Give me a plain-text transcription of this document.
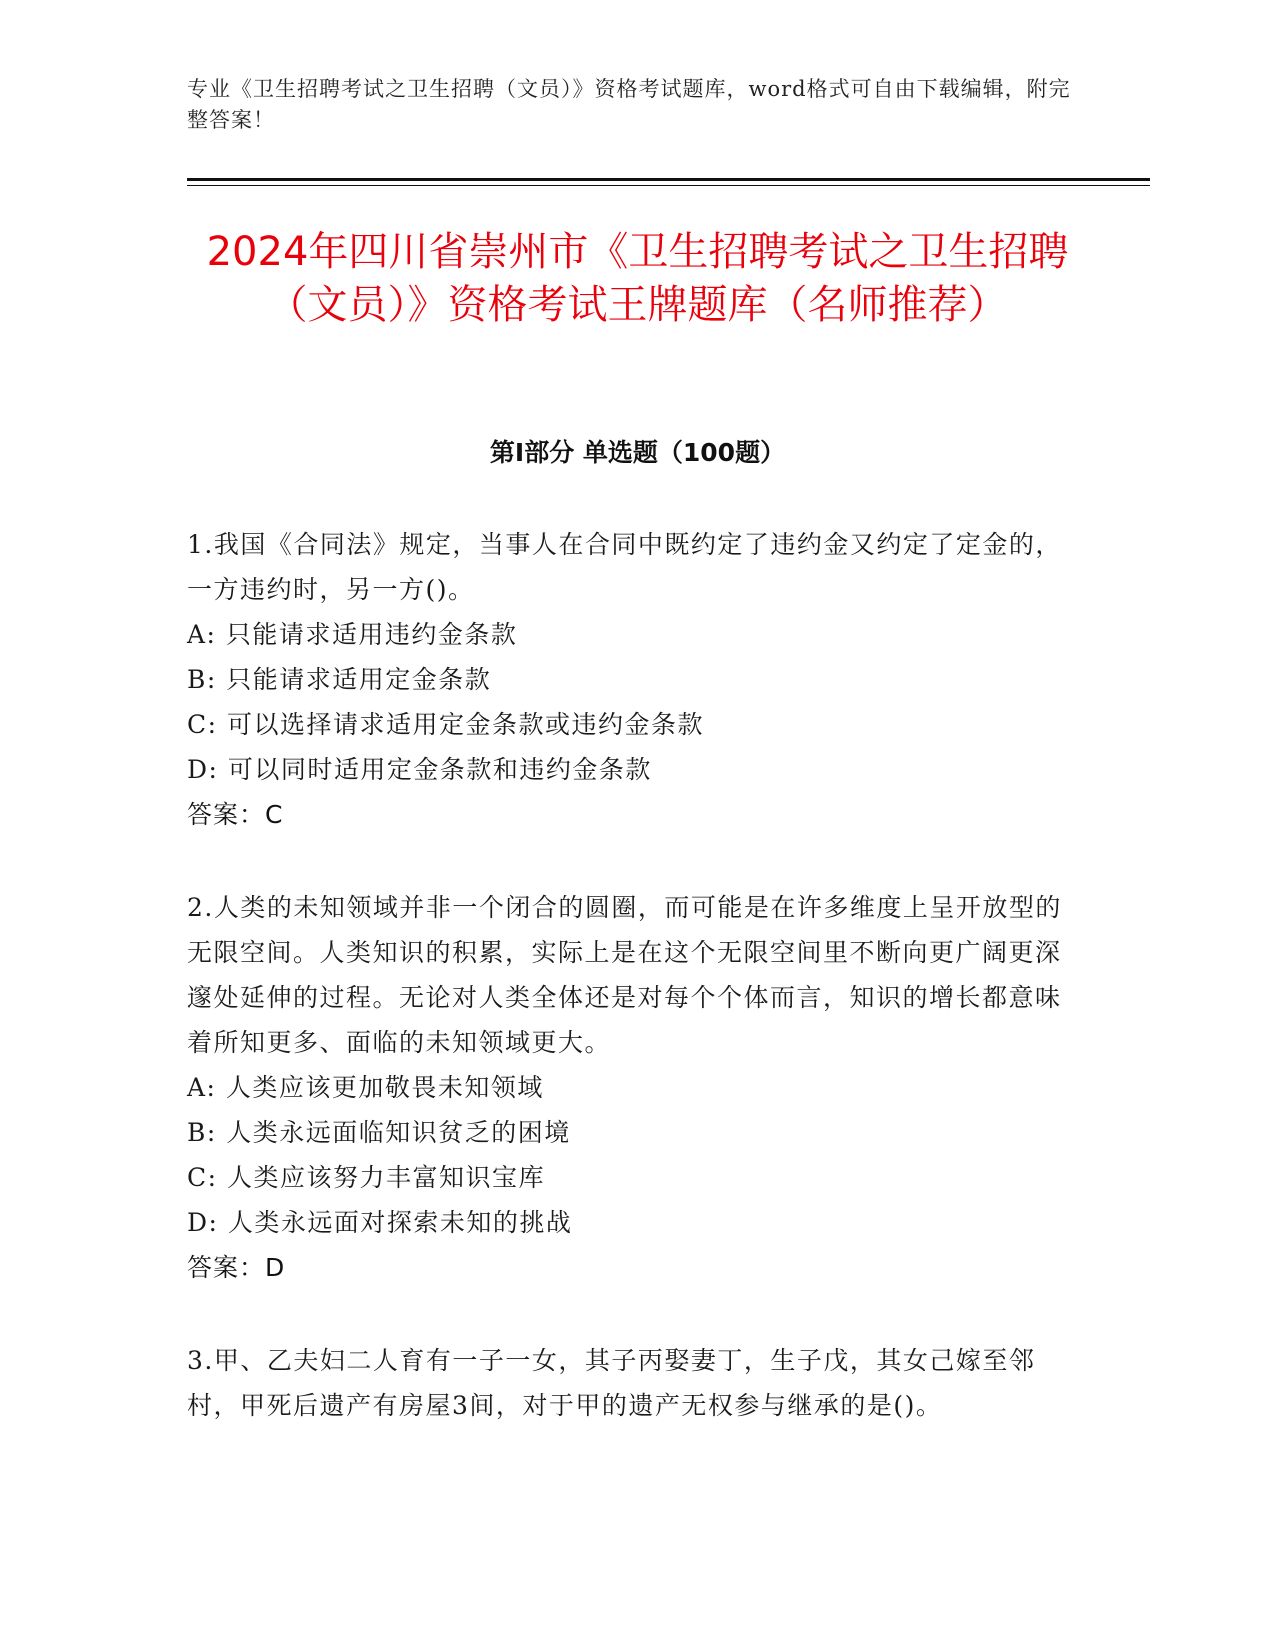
专业《卫生招聘考试之卫生招聘（文员）》资格考试题库，word格式可自由下载编辑，附完整答案！
2024年四川省崇州市《卫生招聘考试之卫生招聘（文员）》资格考试王牌题库（名师推荐）
第I部分 单选题（100题）

1.我国《合同法》规定，当事人在合同中既约定了违约金又约定了定金的，一方违约时，另一方()。

A: 只能请求适用违约金条款

B: 只能请求适用定金条款

C: 可以选择请求适用定金条款或违约金条款

D: 可以同时适用定金条款和违约金条款

答案：C

2.人类的未知领域并非一个闭合的圆圈，而可能是在许多维度上呈开放型的无限空间。人类知识的积累，实际上是在这个无限空间里不断向更广阔更深邃处延伸的过程。无论对人类全体还是对每个个体而言，知识的增长都意味着所知更多、面临的未知领域更大。

A: 人类应该更加敬畏未知领域

B: 人类永远面临知识贫乏的困境

C: 人类应该努力丰富知识宝库

D: 人类永远面对探索未知的挑战

答案：D

3.甲、乙夫妇二人育有一子一女，其子丙娶妻丁，生子戊，其女己嫁至邻村，甲死后遗产有房屋3间，对于甲的遗产无权参与继承的是()。
